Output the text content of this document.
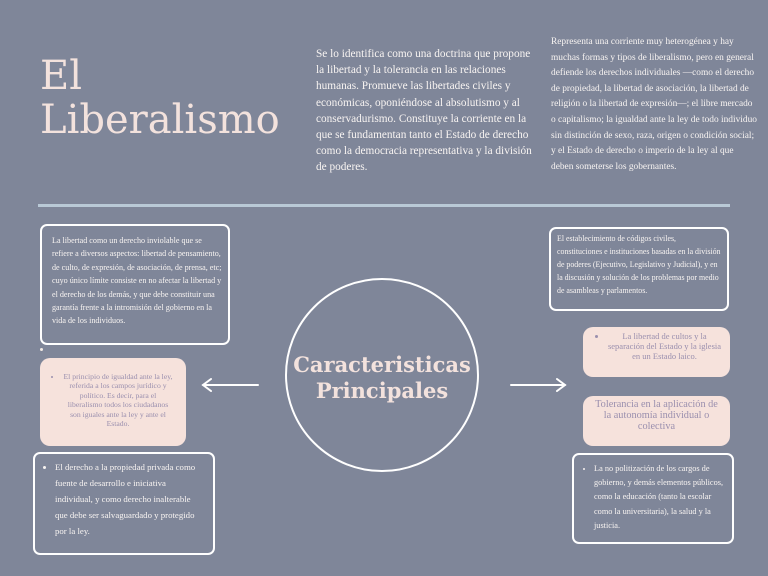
El
Liberalismo
Se lo identifica como una doctrina que propone la libertad y la tolerancia en las relaciones humanas. Promueve las libertades civiles y económicas, oponiéndose al absolutismo y al conservadurismo. Constituye la corriente en la que se fundamentan tanto el Estado de derecho como la democracia representativa y la división de poderes.
Representa una corriente muy heterogénea y hay muchas formas y tipos de liberalismo, pero en general defiende los derechos individuales —como el derecho de propiedad, la libertad de asociación, la libertad de religión o la libertad de expresión—; el libre mercado o capitalismo; la igualdad ante la ley de todo individuo sin distinción de sexo, raza, origen o condición social; y el Estado de derecho o imperio de la ley al que deben someterse los gobernantes.
La libertad como un derecho inviolable que se refiere a diversos aspectos: libertad de pensamiento, de culto, de expresión, de asociación, de prensa, etc; cuyo único límite consiste en no afectar la libertad y el derecho de los demás, y que debe constituir una garantía frente a la intromisión del gobierno en la vida de los individuos.
• El principio de igualdad ante la ley, referida a los campos jurídico y político. Es decir, para el liberalismo todos los ciudadanos son iguales ante la ley y ante el Estado.
• El derecho a la propiedad privada como fuente de desarrollo e iniciativa individual, y como derecho inalterable que debe ser salvaguardado y protegido por la ley.
Caracteristicas
Principales
El establecimiento de códigos civiles, constituciones e instituciones basadas en la división de poderes (Ejecutivo, Legislativo y Judicial), y en la discusión y solución de los problemas por medio de asambleas y parlamentos.
• La libertad de cultos y la separación del Estado y la iglesia en un Estado laico.
Tolerancia en la aplicación de la autonomía individual o colectiva
• La no politización de los cargos de gobierno, y demás elementos públicos, como la educación (tanto la escolar como la universitaria), la salud y la justicia.
